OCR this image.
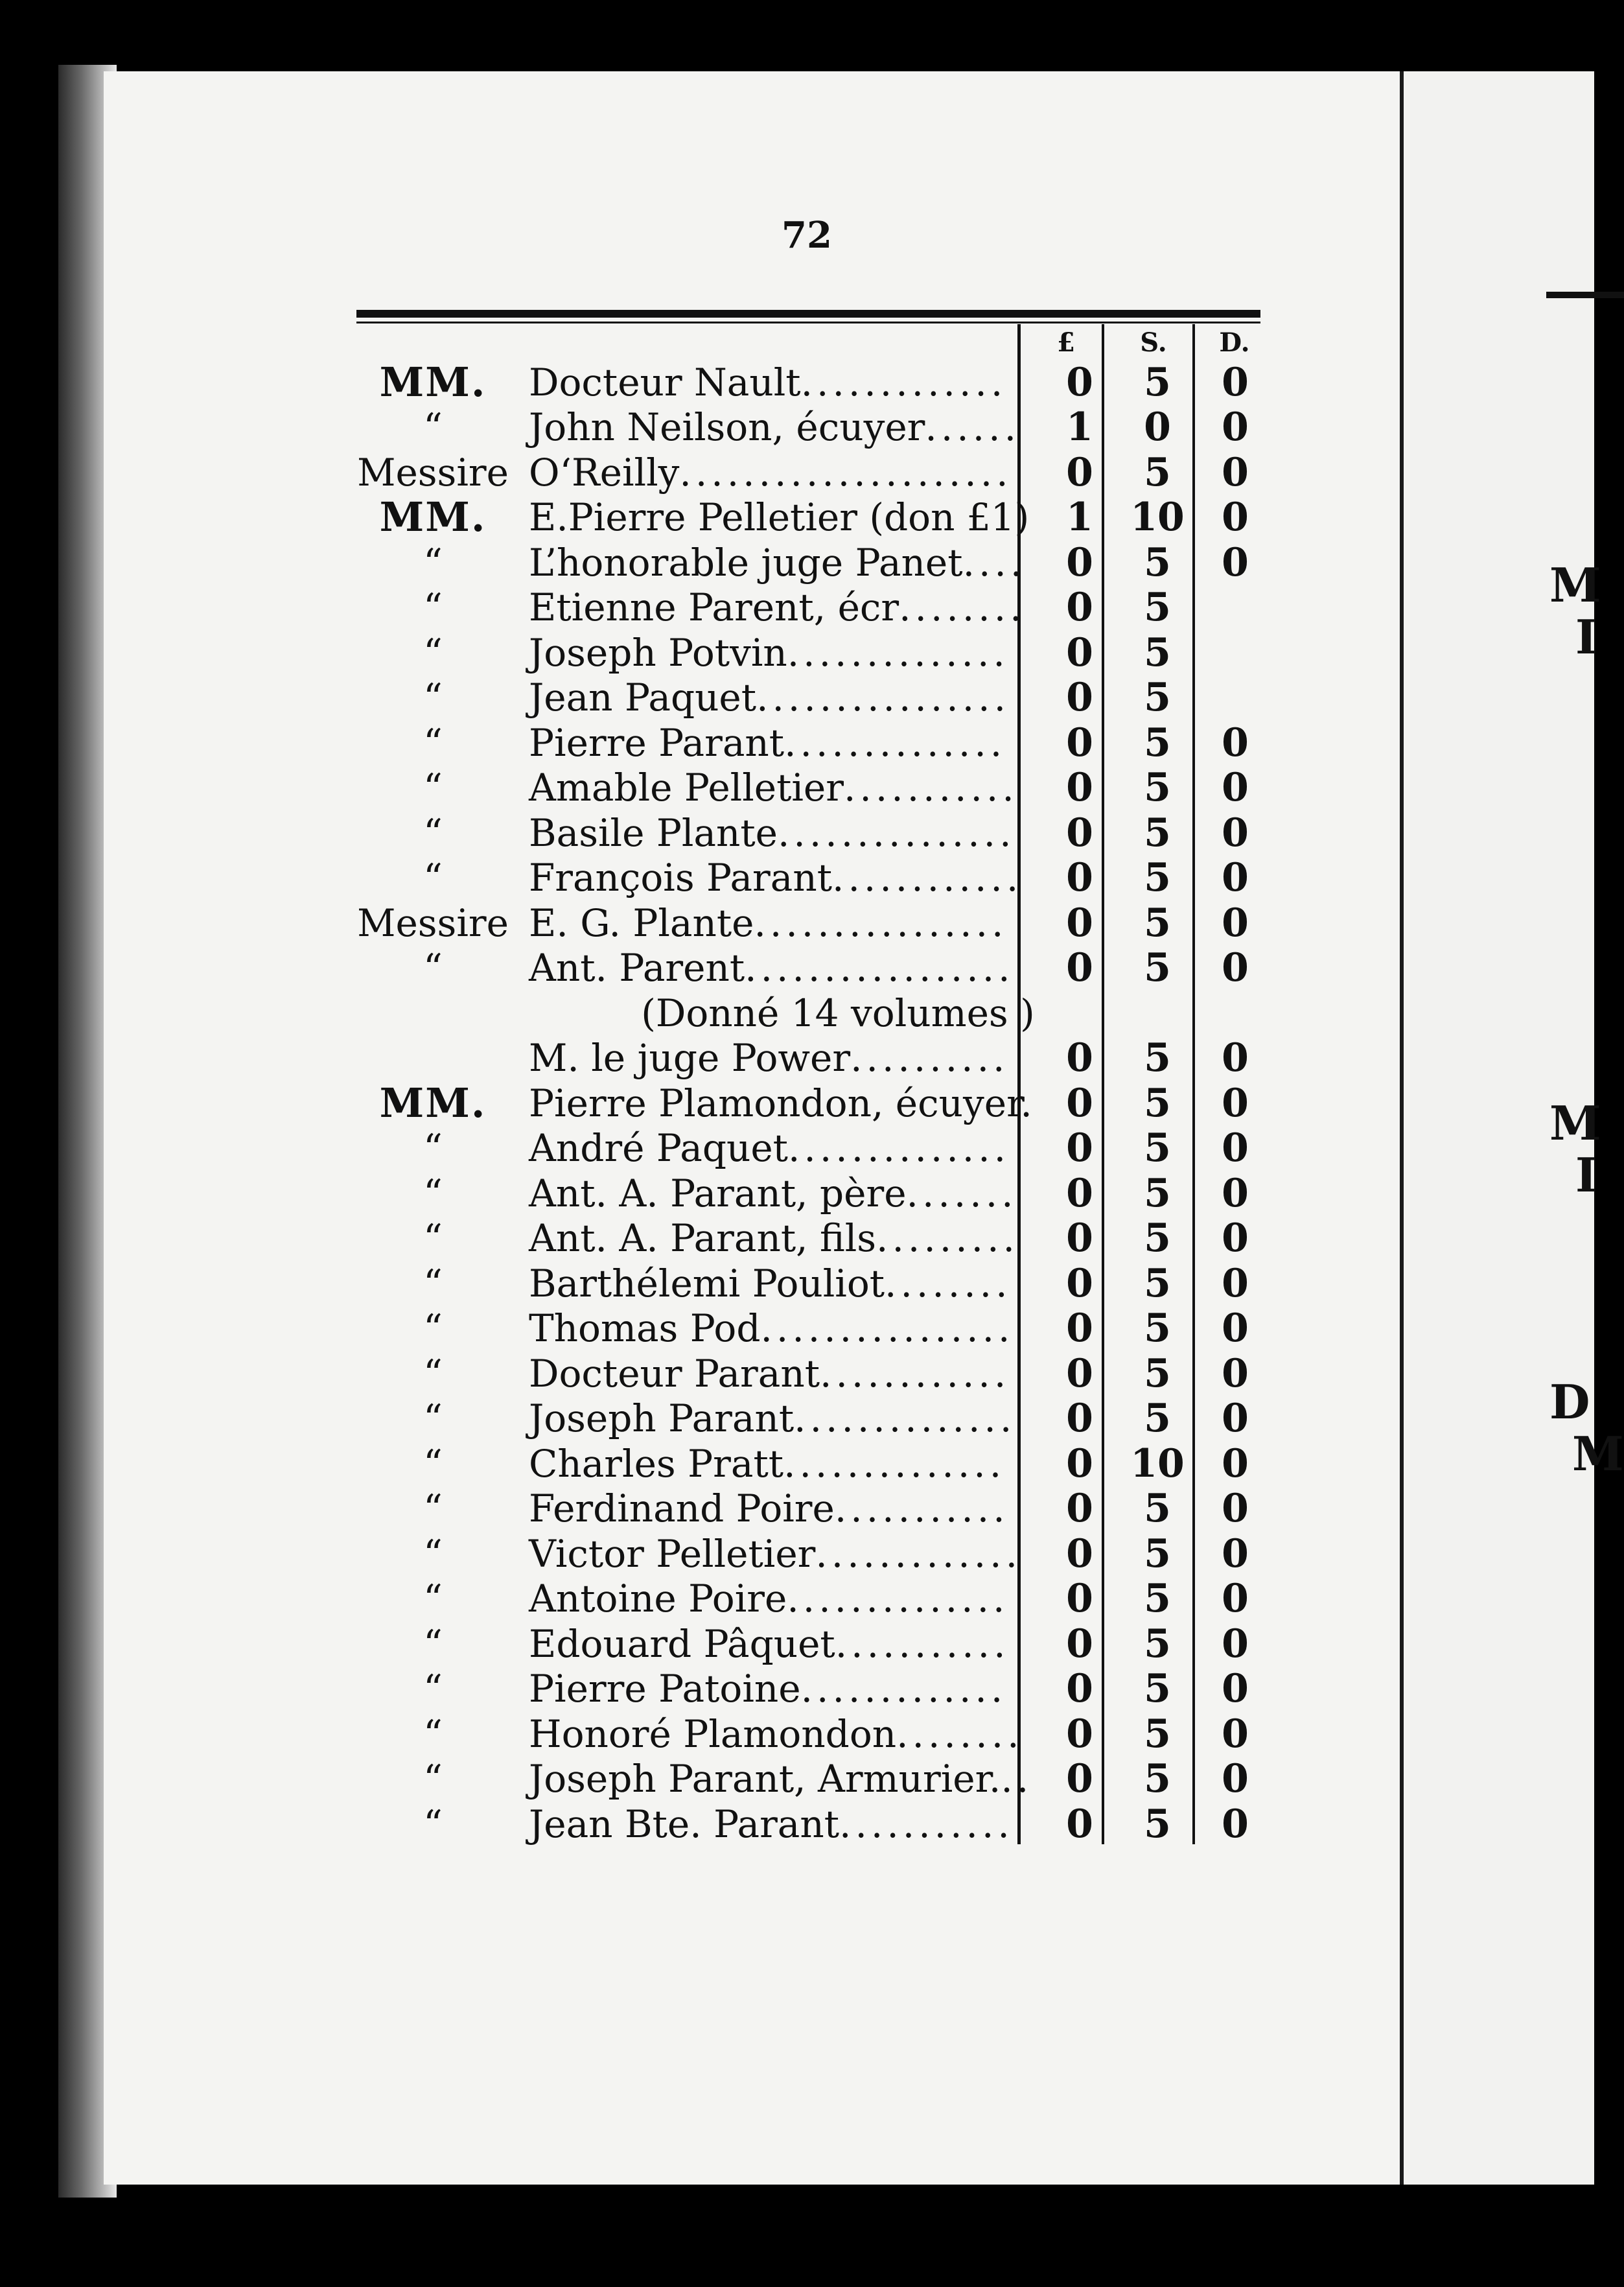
M
I
M
I
D
M
72
£	S.	D.
MM.	Docteur Nault.............	0	5	0
“	John Neilson, écuyer......	1	0	0
Messire	O‘Reilly.....................	0	5	0
MM.	E.Pierre Pelletier (don £1)	1	10	0
“	L’honorable juge Panet....	0	5	0
“	Etienne Parent, écr........	0	5	
“	Joseph Potvin..............	0	5	
“	Jean Paquet................	0	5	
“	Pierre Parant..............	0	5	0
“	Amable Pelletier...........	0	5	0
“	Basile Plante...............	0	5	0
“	François Parant............	0	5	0
Messire	E. G. Plante................	0	5	0
“	Ant. Parent.................	0	5	0
(Donné 14 volumes )				
	M. le juge Power..........	0	5	0
MM.	Pierre Plamondon, écuyer.	0	5	0
“	André Paquet..............	0	5	0
“	Ant. A. Parant, père.......	0	5	0
“	Ant. A. Parant, fils.........	0	5	0
“	Barthélemi Pouliot........	0	5	0
“	Thomas Pod................	0	5	0
“	Docteur Parant............	0	5	0
“	Joseph Parant..............	0	5	0
“	Charles Pratt..............	0	10	0
“	Ferdinand Poire...........	0	5	0
“	Victor Pelletier.............	0	5	0
“	Antoine Poire..............	0	5	0
“	Edouard Pâquet...........	0	5	0
“	Pierre Patoine.............	0	5	0
“	Honoré Plamondon........	0	5	0
“	Joseph Parant, Armurier...	0	5	0
“	Jean Bte. Parant...........	0	5	0
